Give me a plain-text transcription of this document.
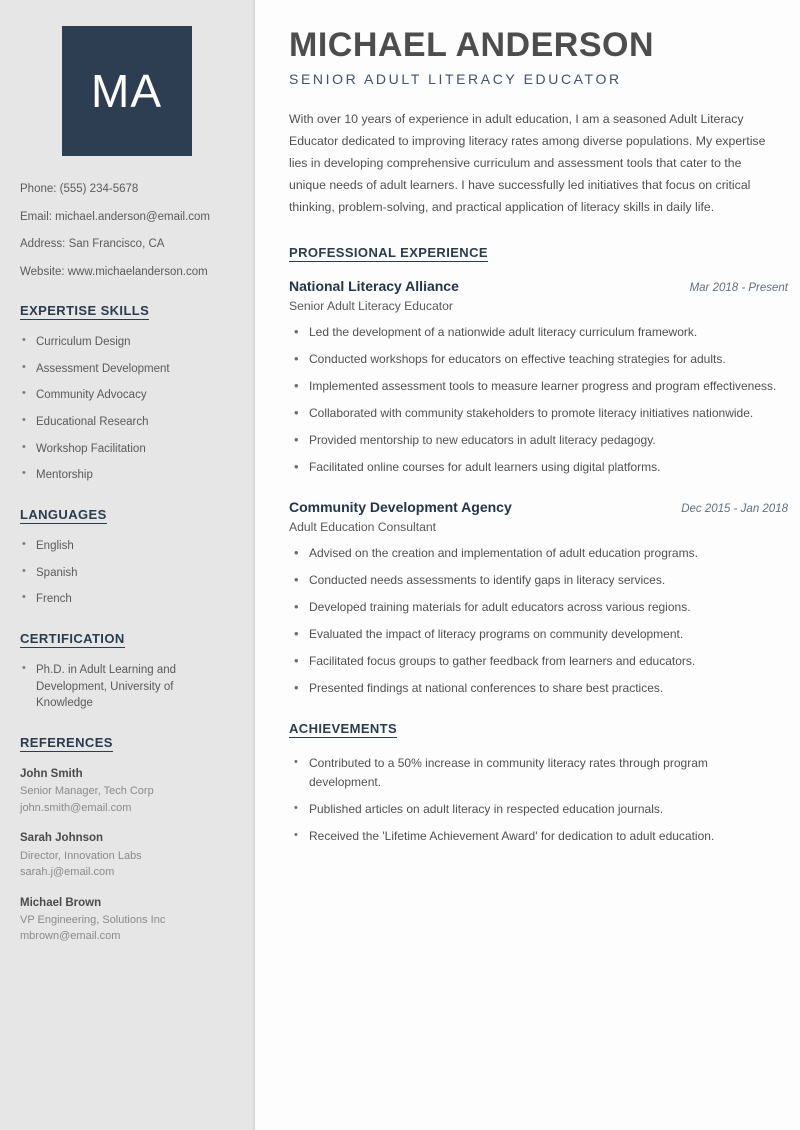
MA
Phone: (555) 234-5678
Email: michael.anderson@email.com
Address: San Francisco, CA
Website: www.michaelanderson.com
EXPERTISE SKILLS
• Curriculum Design
• Assessment Development
• Community Advocacy
• Educational Research
• Workshop Facilitation
• Mentorship
LANGUAGES
• English
• Spanish
• French
CERTIFICATION
• Ph.D. in Adult Learning and Development, University of Knowledge
REFERENCES
John Smith
Senior Manager, Tech Corp
john.smith@email.com
Sarah Johnson
Director, Innovation Labs
sarah.j@email.com
Michael Brown
VP Engineering, Solutions Inc
mbrown@email.com
MICHAEL ANDERSON
SENIOR ADULT LITERACY EDUCATOR

With over 10 years of experience in adult education, I am a seasoned Adult Literacy Educator dedicated to improving literacy rates among diverse populations. My expertise lies in developing comprehensive curriculum and assessment tools that cater to the unique needs of adult learners. I have successfully led initiatives that focus on critical thinking, problem-solving, and practical application of literacy skills in daily life.

PROFESSIONAL EXPERIENCE
National Literacy Alliance	Mar 2018 - Present
Senior Adult Literacy Educator
• Led the development of a nationwide adult literacy curriculum framework.
• Conducted workshops for educators on effective teaching strategies for adults.
• Implemented assessment tools to measure learner progress and program effectiveness.
• Collaborated with community stakeholders to promote literacy initiatives nationwide.
• Provided mentorship to new educators in adult literacy pedagogy.
• Facilitated online courses for adult learners using digital platforms.
Community Development Agency	Dec 2015 - Jan 2018
Adult Education Consultant
• Advised on the creation and implementation of adult education programs.
• Conducted needs assessments to identify gaps in literacy services.
• Developed training materials for adult educators across various regions.
• Evaluated the impact of literacy programs on community development.
• Facilitated focus groups to gather feedback from learners and educators.
• Presented findings at national conferences to share best practices.
ACHIEVEMENTS
• Contributed to a 50% increase in community literacy rates through program development.
• Published articles on adult literacy in respected education journals.
• Received the 'Lifetime Achievement Award' for dedication to adult education.
